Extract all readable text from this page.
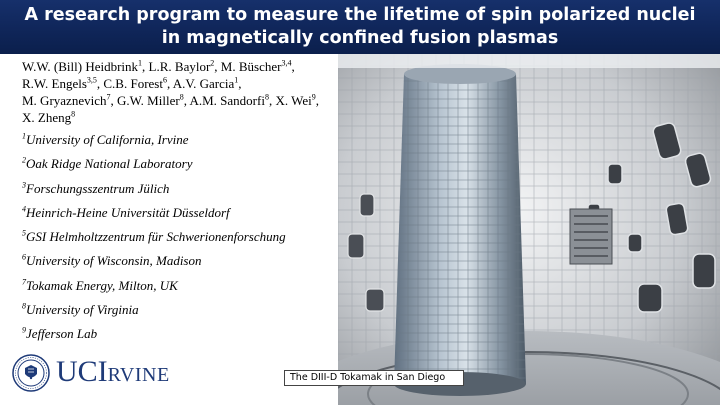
A research program to measure the lifetime of spin polarized nuclei
in magnetically confined fusion plasmas
W.W. (Bill) Heidbrink$^1$, L.R. Baylor$^2$, M. Büscher$^{3,4}$,
R.W. Engels$^{3,5}$, C.B. Forest$^6$, A.V. Garcia$^1$,
M. Gryaznevich$^7$, G.W. Miller$^8$, A.M. Sandorfi$^8$, X. Wei$^9$,
X. Zheng$^8$
$^1$University of California, Irvine
$^2$Oak Ridge National Laboratory
$^3$Forschungsszentrum Jülich
$^4$Heinrich-Heine Universität Düsseldorf
$^5$GSI Helmholtzzentrum für Schwerionenforschung
$^6$University of Wisconsin, Madison
$^7$Tokamak Energy, Milton, UK
$^8$University of Virginia
$^9$Jefferson Lab
UCI RVINE	The DIII-D Tokamak in San Diego
